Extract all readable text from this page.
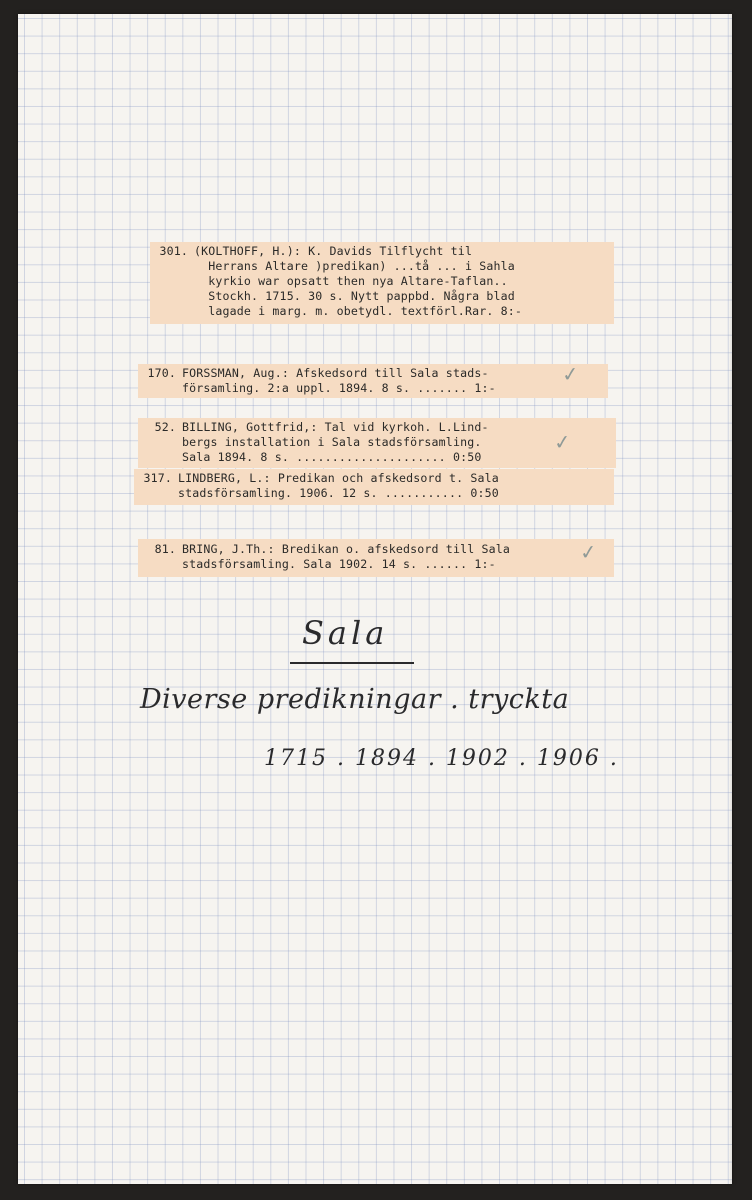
301.

(KOLTHOFF, H.): K. Davids Tilflycht til

Herrans Altare )predikan) ...tå ... i Sahla

kyrkio war opsatt then nya Altare-Taflan..

Stockh. 1715. 30 s. Nytt pappbd. Några blad

lagade i marg. m. obetydl. textförl.Rar. 8:-

170.

FORSSMAN, Aug.: Afskedsord till Sala stads-

församling. 2:a uppl. 1894. 8 s. ....... 1:-

✓

52.

BILLING, Gottfrid,: Tal vid kyrkoh. L.Lind-

bergs installation i Sala stadsförsamling.

Sala 1894. 8 s. ..................... 0:50

✓

317.

LINDBERG, L.: Predikan och afskedsord t. Sala

stadsförsamling. 1906. 12 s. ........... 0:50

81.

BRING, J.Th.: Bredikan o. afskedsord till Sala

stadsförsamling. Sala 1902. 14 s. ...... 1:-

	✓
Sala
Diverse predikningar . tryckta
1715 . 1894 . 1902 . 1906 .
